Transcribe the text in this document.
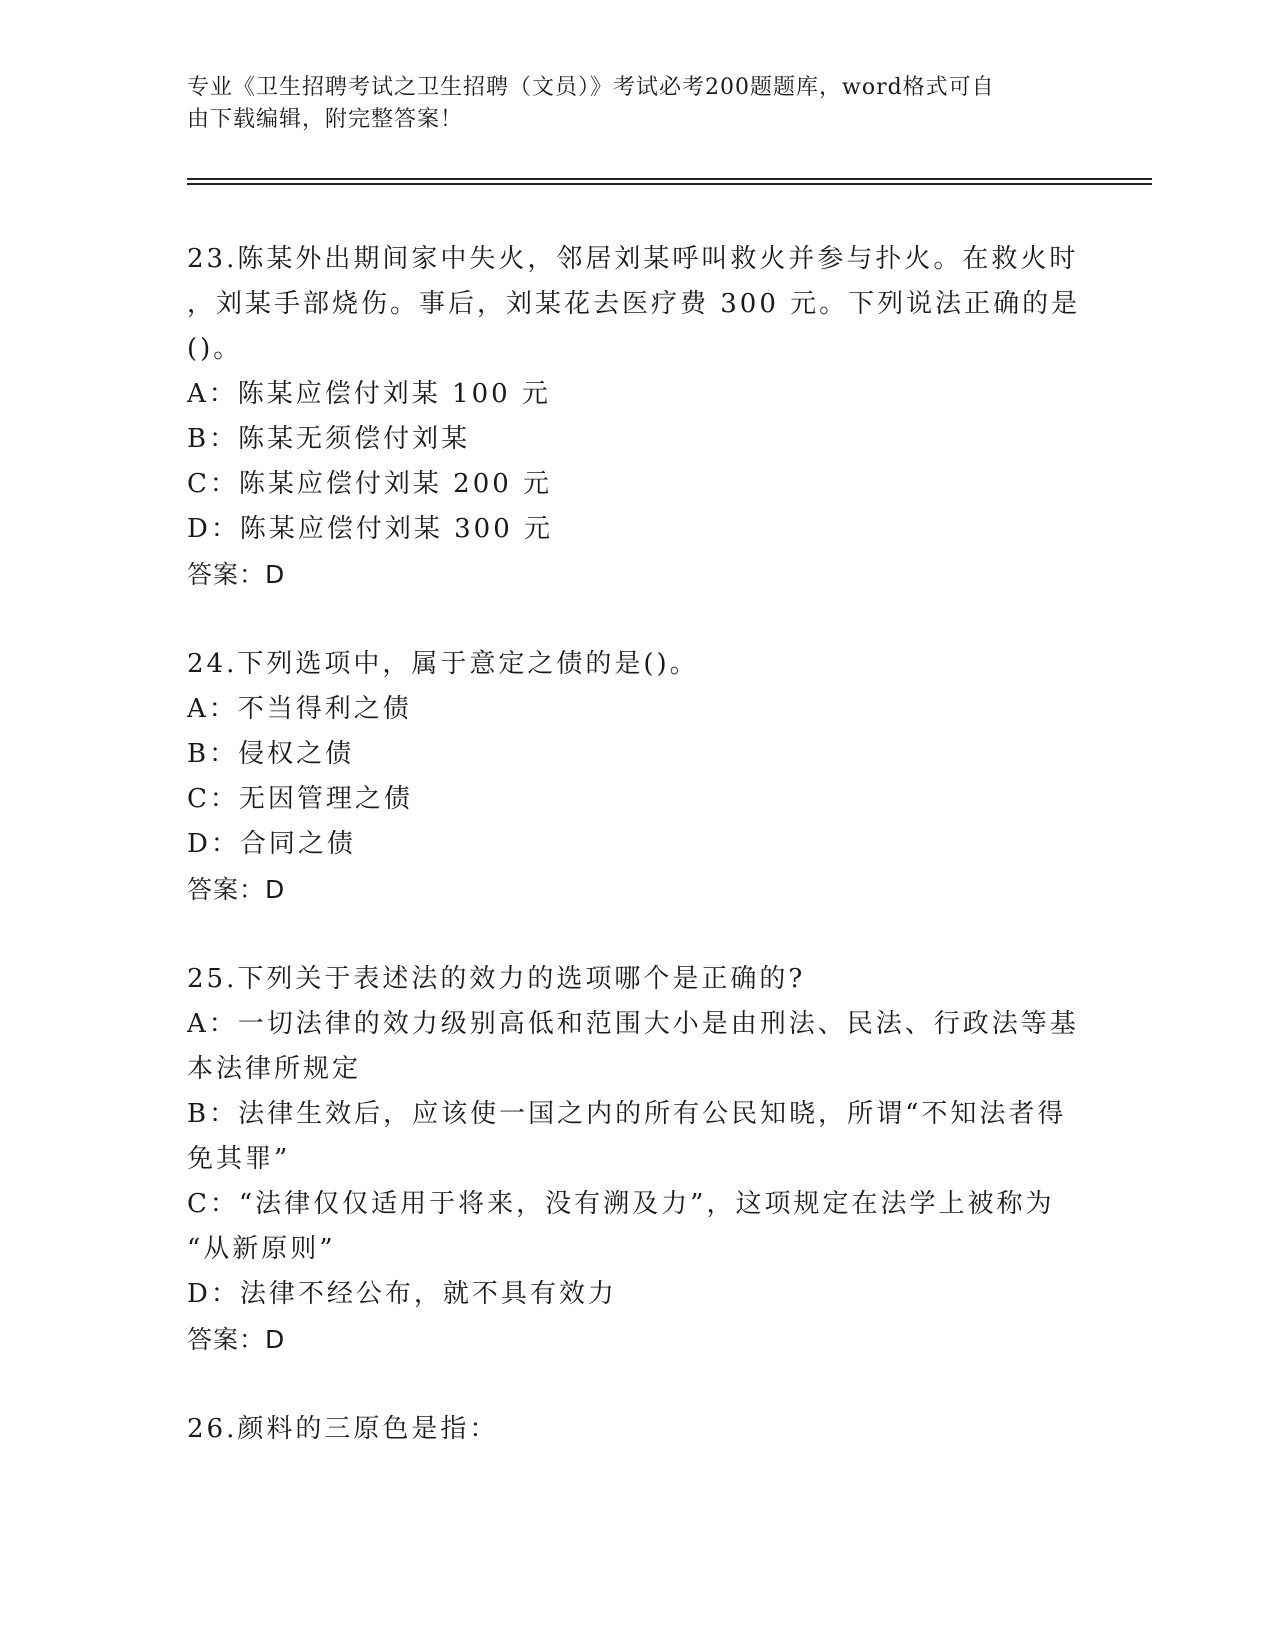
专业《卫生招聘考试之卫生招聘（文员）》考试必考200题题库，word格式可自
由下载编辑，附完整答案！
23.陈某外出期间家中失火，邻居刘某呼叫救火并参与扑火。在救火时
，刘某手部烧伤。事后，刘某花去医疗费 300 元。下列说法正确的是
()。
A：陈某应偿付刘某 100 元
B：陈某无须偿付刘某
C：陈某应偿付刘某 200 元
D：陈某应偿付刘某 300 元
答案：D
24.下列选项中，属于意定之债的是()。
A：不当得利之债
B：侵权之债
C：无因管理之债
D：合同之债
答案：D
25.下列关于表述法的效力的选项哪个是正确的?
A：一切法律的效力级别高低和范围大小是由刑法、民法、行政法等基
本法律所规定
B：法律生效后，应该使一国之内的所有公民知晓，所谓“不知法者得
免其罪”
C：“法律仅仅适用于将来，没有溯及力”，这项规定在法学上被称为
“从新原则”
D：法律不经公布，就不具有效力
答案：D
26.颜料的三原色是指：
